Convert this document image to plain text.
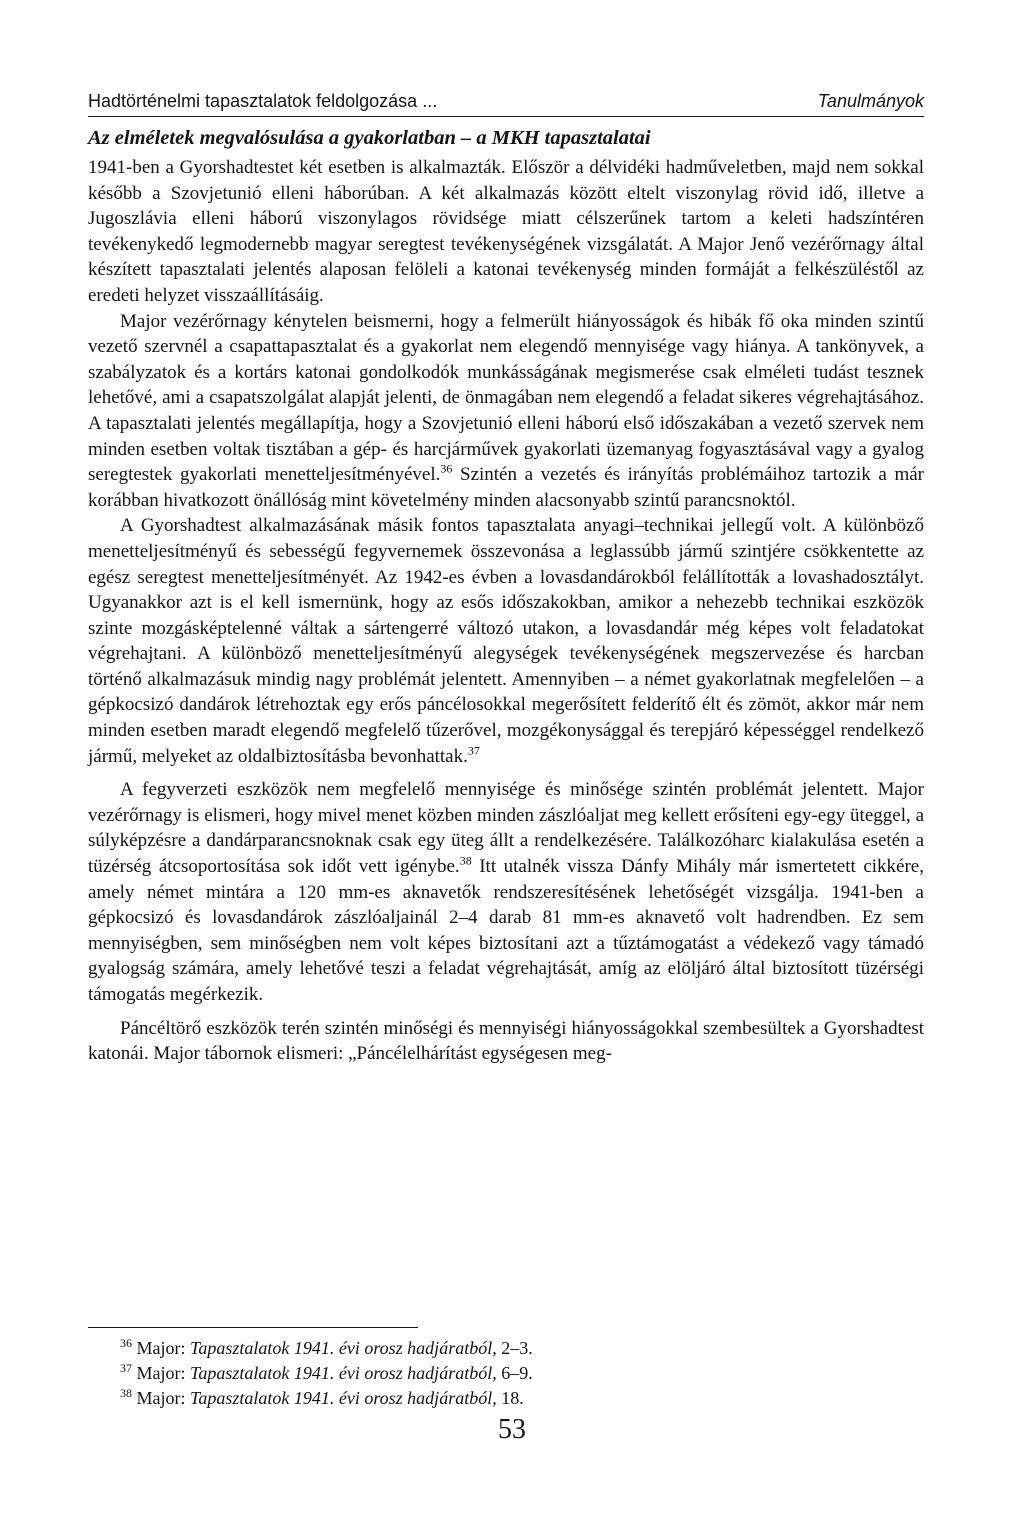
Hadtörténelmi tapasztalatok feldolgozása ...	Tanulmányok
Az elméletek megvalósulása a gyakorlatban – a MKH tapasztalatai

1941-ben a Gyorshadtestet két esetben is alkalmazták. Először a délvidéki hadműveletben, majd nem sokkal később a Szovjetunió elleni háborúban. A két alkalmazás között eltelt viszonylag rövid idő, illetve a Jugoszlávia elleni háború viszonylagos rövidsége miatt célszerűnek tartom a keleti hadszíntéren tevékenykedő legmodernebb magyar seregtest tevékenységének vizsgálatát. A Major Jenő vezérőrnagy által készített tapasztalati jelentés alaposan felöleli a katonai tevékenység minden formáját a felkészüléstől az eredeti helyzet visszaállításáig.

Major vezérőrnagy kénytelen beismerni, hogy a felmerült hiányosságok és hibák fő oka minden szintű vezető szervnél a csapattapasztalat és a gyakorlat nem elegendő mennyisége vagy hiánya. A tankönyvek, a szabályzatok és a kortárs katonai gondolkodók munkásságának megismerése csak elméleti tudást tesznek lehetővé, ami a csapatszolgálat alapját jelenti, de önmagában nem elegendő a feladat sikeres végrehajtásához. A tapasztalati jelentés megállapítja, hogy a Szovjetunió elleni háború első időszakában a vezető szervek nem minden esetben voltak tisztában a gép- és harcjárművek gyakorlati üzemanyag fogyasztásával vagy a gyalog seregtestek gyakorlati menetteljesítményével.$^{36}$ Szintén a vezetés és irányítás problémáihoz tartozik a már korábban hivatkozott önállóság mint követelmény minden alacsonyabb szintű parancsnoktól.

A Gyorshadtest alkalmazásának másik fontos tapasztalata anyagi–technikai jellegű volt. A különböző menetteljesítményű és sebességű fegyvernemek összevonása a leglassúbb jármű szintjére csökkentette az egész seregtest menetteljesítményét. Az 1942-es évben a lovasdandárokból felállították a lovashadosztályt. Ugyanakkor azt is el kell ismernünk, hogy az esős időszakokban, amikor a nehezebb technikai eszközök szinte mozgásképtelenné váltak a sártengerré változó utakon, a lovasdandár még képes volt feladatokat végrehajtani. A különböző menetteljesítményű alegységek tevékenységének megszervezése és harcban történő alkalmazásuk mindig nagy problémát jelentett. Amennyiben – a német gyakorlatnak megfelelően – a gépkocsizó dandárok létrehoztak egy erős páncélosokkal megerősített felderítő élt és zömöt, akkor már nem minden esetben maradt elegendő megfelelő tűzerővel, mozgékonysággal és terepjáró képességgel rendelkező jármű, melyeket az oldalbiztosításba bevonhattak.$^{37}$

A fegyverzeti eszközök nem megfelelő mennyisége és minősége szintén problémát jelentett. Major vezérőrnagy is elismeri, hogy mivel menet közben minden zászlóaljat meg kellett erősíteni egy-egy üteggel, a súlyképzésre a dandárparancsnoknak csak egy üteg állt a rendelkezésére. Találkozóharc kialakulása esetén a tüzérség átcsoportosítása sok időt vett igénybe.$^{38}$ Itt utalnék vissza Dánfy Mihály már ismertetett cikkére, amely német mintára a 120 mm-es aknavetők rendszeresítésének lehetőségét vizsgálja. 1941-ben a gépkocsizó és lovasdandárok zászlóaljainál 2–4 darab 81 mm-es aknavető volt hadrendben. Ez sem mennyiségben, sem minőségben nem volt képes biztosítani azt a tűztámogatást a védekező vagy támadó gyalogság számára, amely lehetővé teszi a feladat végrehajtását, amíg az elöljáró által biztosított tüzérségi támogatás megérkezik.

Páncéltörő eszközök terén szintén minőségi és mennyiségi hiányosságokkal szembesültek a Gyorshadtest katonái. Major tábornok elismeri: „Páncélelhárítást egységesen meg-

$^{36}$ Major: Tapasztalatok 1941. évi orosz hadjáratból, 2–3.
$^{37}$ Major: Tapasztalatok 1941. évi orosz hadjáratból, 6–9.
$^{38}$ Major: Tapasztalatok 1941. évi orosz hadjáratból, 18.
53
